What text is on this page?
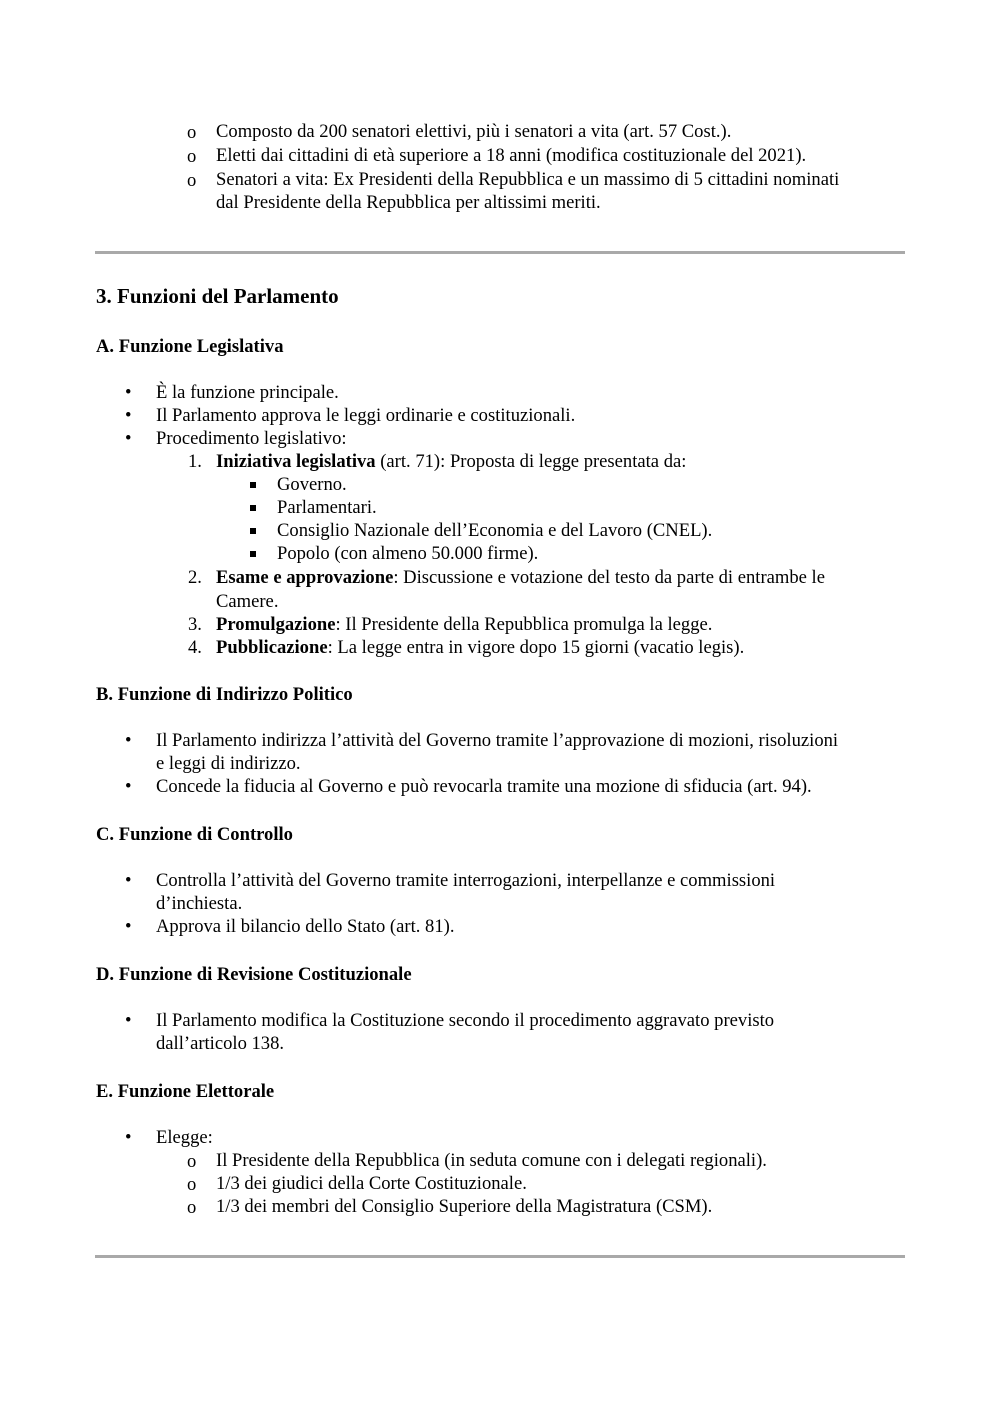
o Composto da 200 senatori elettivi, più i senatori a vita (art. 57 Cost.).
o Eletti dai cittadini di età superiore a 18 anni (modifica costituzionale del 2021).
o Senatori a vita: Ex Presidenti della Repubblica e un massimo di 5 cittadini nominati
dal Presidente della Repubblica per altissimi meriti.
3. Funzioni del Parlamento
A. Funzione Legislativa
• È la funzione principale.
• Il Parlamento approva le leggi ordinarie e costituzionali.
• Procedimento legislativo:
1. Iniziativa legislativa (art. 71): Proposta di legge presentata da:
Governo.
Parlamentari.
Consiglio Nazionale dell’Economia e del Lavoro (CNEL).
Popolo (con almeno 50.000 firme).
2. Esame e approvazione: Discussione e votazione del testo da parte di entrambe le
Camere.
3. Promulgazione: Il Presidente della Repubblica promulga la legge.
4. Pubblicazione: La legge entra in vigore dopo 15 giorni (vacatio legis).
B. Funzione di Indirizzo Politico
• Il Parlamento indirizza l’attività del Governo tramite l’approvazione di mozioni, risoluzioni
e leggi di indirizzo.
• Concede la fiducia al Governo e può revocarla tramite una mozione di sfiducia (art. 94).
C. Funzione di Controllo
• Controlla l’attività del Governo tramite interrogazioni, interpellanze e commissioni
d’inchiesta.
• Approva il bilancio dello Stato (art. 81).
D. Funzione di Revisione Costituzionale
• Il Parlamento modifica la Costituzione secondo il procedimento aggravato previsto
dall’articolo 138.
E. Funzione Elettorale
• Elegge:
o Il Presidente della Repubblica (in seduta comune con i delegati regionali).
o 1/3 dei giudici della Corte Costituzionale.
o 1/3 dei membri del Consiglio Superiore della Magistratura (CSM).
